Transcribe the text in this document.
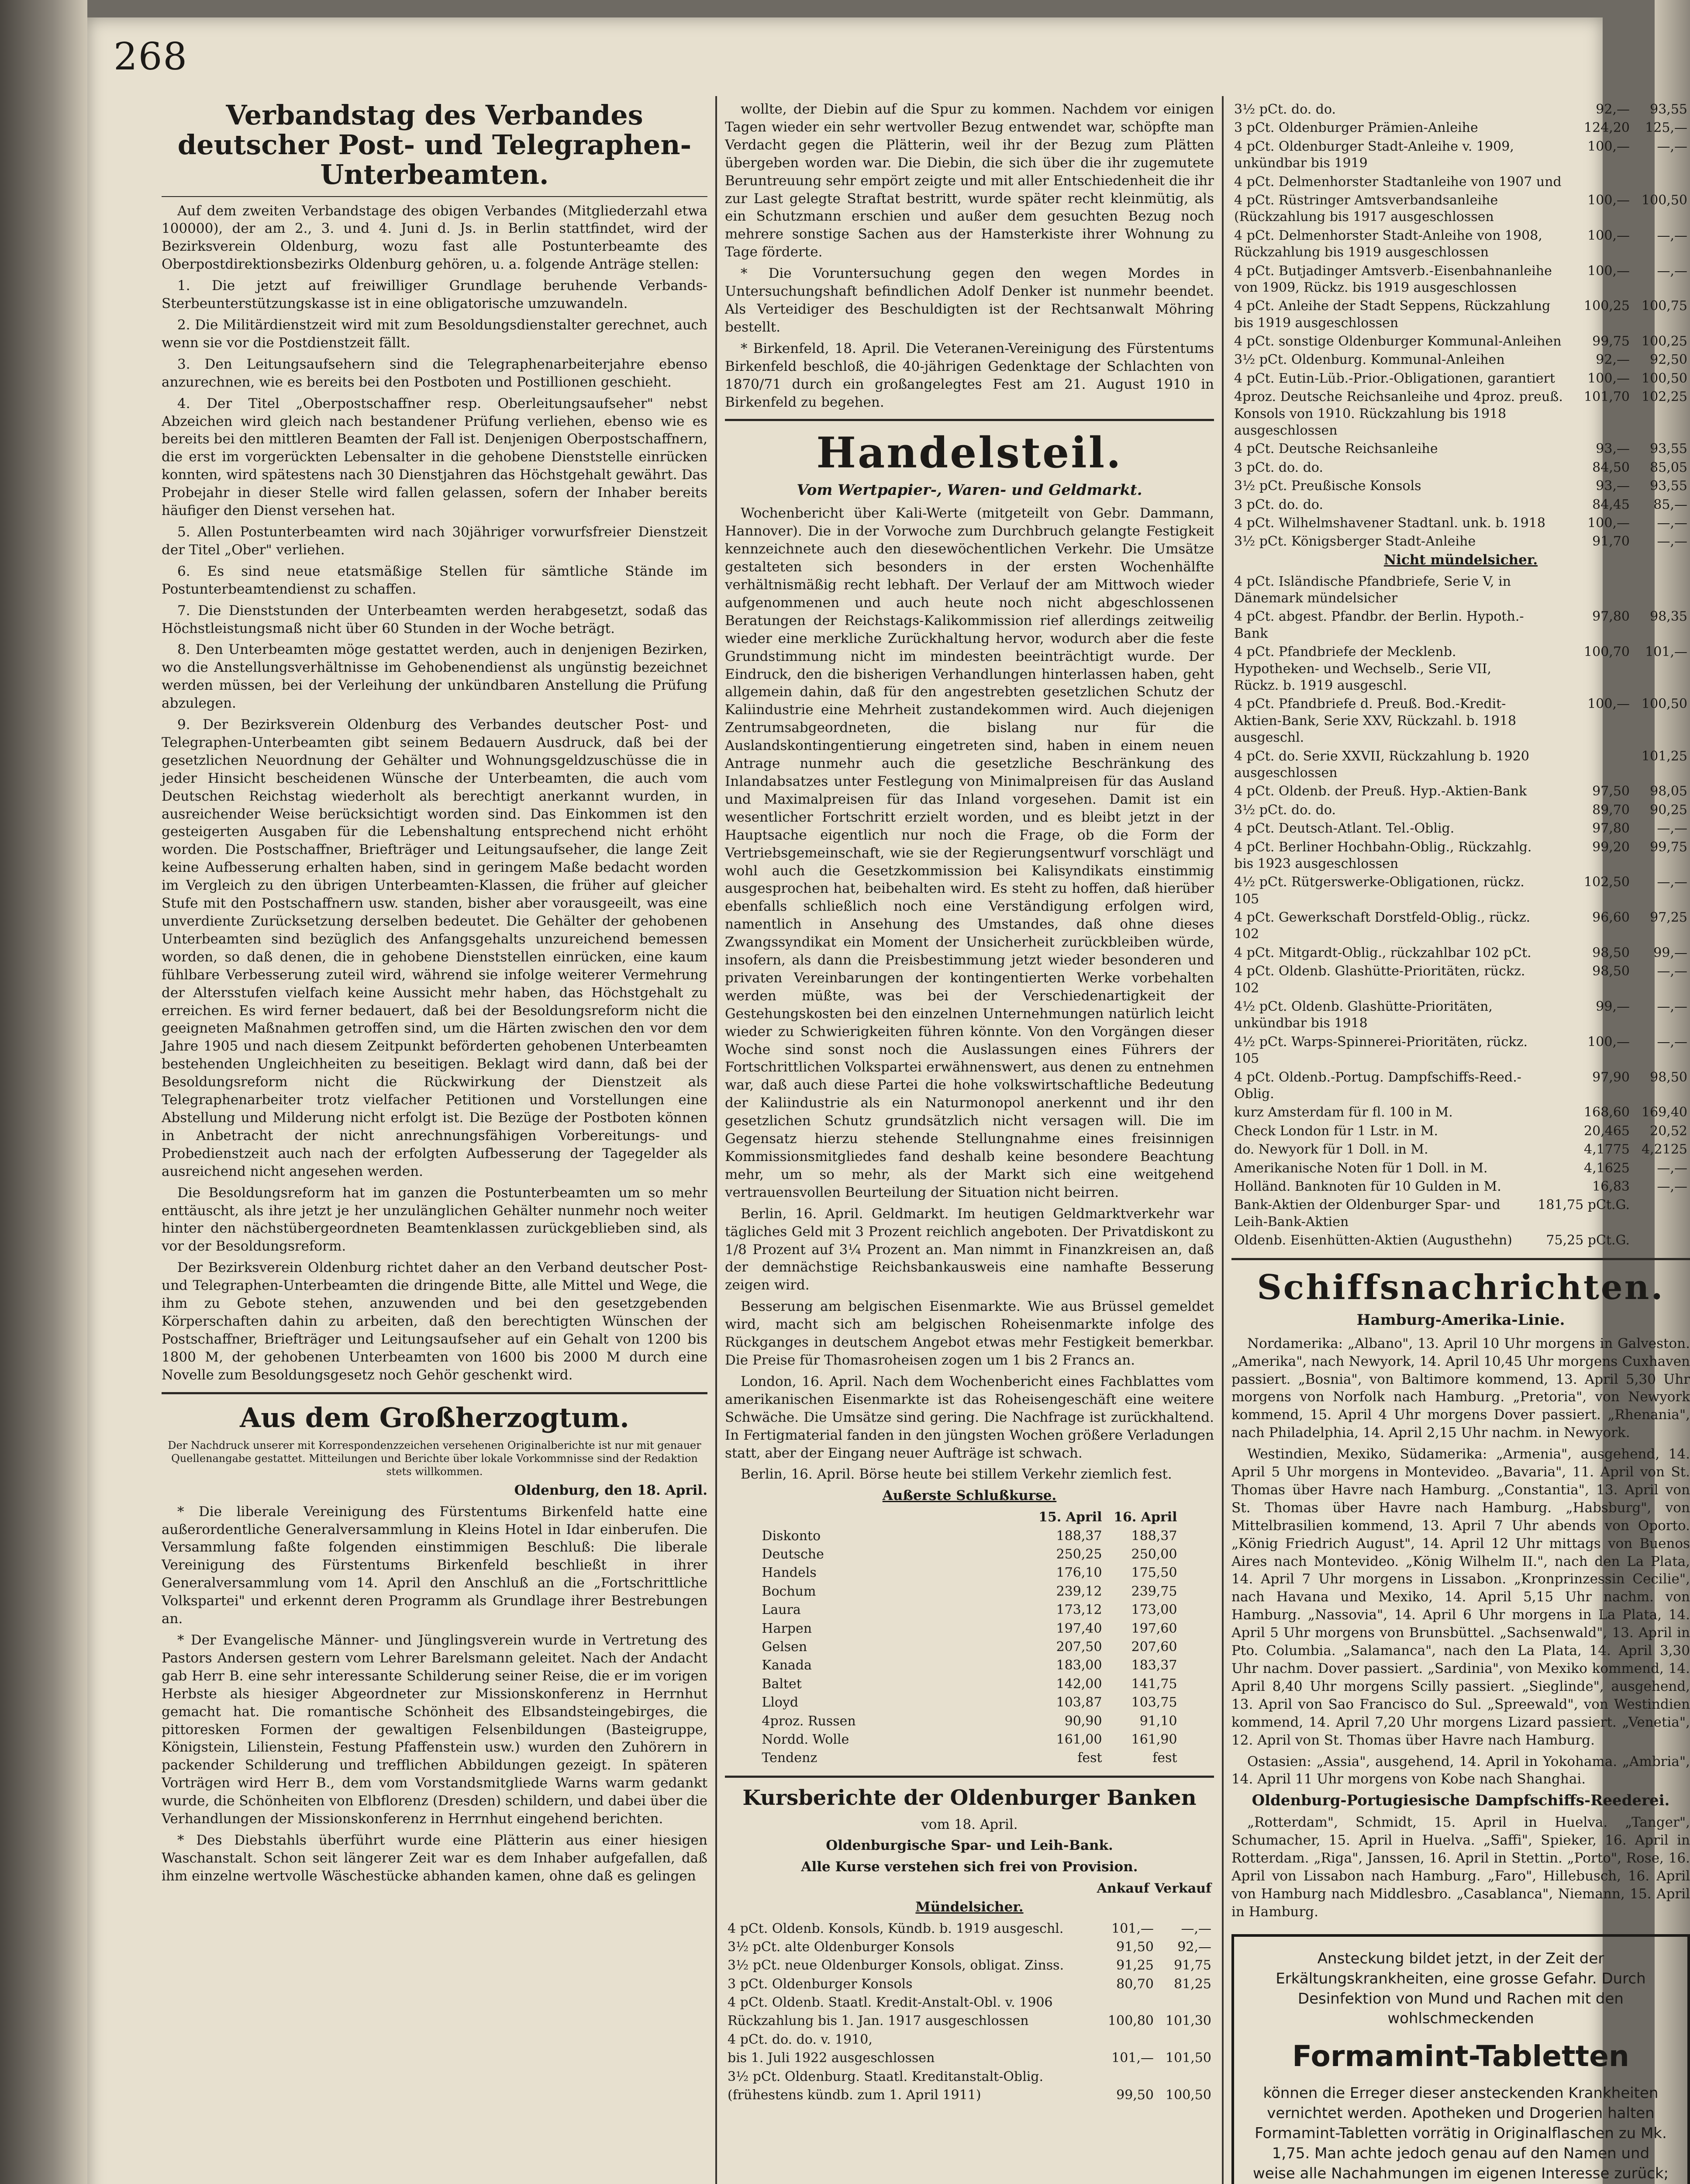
268
Verbandstag des Verbandes deutscher Post- und Telegraphen-Unterbeamten.

Auf dem zweiten Verbandstage des obigen Verbandes (Mitgliederzahl etwa 100000), der am 2., 3. und 4. Juni d. Js. in Berlin stattfindet, wird der Bezirksverein Oldenburg, wozu fast alle Postunterbeamte des Oberpostdirektionsbezirks Oldenburg gehören, u. a. folgende Anträge stellen:

1. Die jetzt auf freiwilliger Grundlage beruhende Verbands-Sterbeunterstützungskasse ist in eine obligatorische umzuwandeln.

2. Die Militärdienstzeit wird mit zum Besoldungsdienstalter gerechnet, auch wenn sie vor die Postdienstzeit fällt.

3. Den Leitungsaufsehern sind die Telegraphenarbeiterjahre ebenso anzurechnen, wie es bereits bei den Postboten und Postillionen geschieht.

4. Der Titel „Oberpostschaffner resp. Oberleitungsaufseher" nebst Abzeichen wird gleich nach bestandener Prüfung verliehen, ebenso wie es bereits bei den mittleren Beamten der Fall ist. Denjenigen Oberpostschaffnern, die erst im vorgerückten Lebensalter in die gehobene Dienststelle einrücken konnten, wird spätestens nach 30 Dienstjahren das Höchstgehalt gewährt. Das Probejahr in dieser Stelle wird fallen gelassen, sofern der Inhaber bereits häufiger den Dienst versehen hat.

5. Allen Postunterbeamten wird nach 30jähriger vorwurfsfreier Dienstzeit der Titel „Ober" verliehen.

6. Es sind neue etatsmäßige Stellen für sämtliche Stände im Postunterbeamtendienst zu schaffen.

7. Die Dienststunden der Unterbeamten werden herabgesetzt, sodaß das Höchstleistungsmaß nicht über 60 Stunden in der Woche beträgt.

8. Den Unterbeamten möge gestattet werden, auch in denjenigen Bezirken, wo die Anstellungsverhältnisse im Gehobenendienst als ungünstig bezeichnet werden müssen, bei der Verleihung der unkündbaren Anstellung die Prüfung abzulegen.

9. Der Bezirksverein Oldenburg des Verbandes deutscher Post- und Telegraphen-Unterbeamten gibt seinem Bedauern Ausdruck, daß bei der gesetzlichen Neuordnung der Gehälter und Wohnungsgeldzuschüsse die in jeder Hinsicht bescheidenen Wünsche der Unterbeamten, die auch vom Deutschen Reichstag wiederholt als berechtigt anerkannt wurden, in ausreichender Weise berücksichtigt worden sind. Das Einkommen ist den gesteigerten Ausgaben für die Lebenshaltung entsprechend nicht erhöht worden. Die Postschaffner, Briefträger und Leitungsaufseher, die lange Zeit keine Aufbesserung erhalten haben, sind in geringem Maße bedacht worden im Vergleich zu den übrigen Unterbeamten-Klassen, die früher auf gleicher Stufe mit den Postschaffnern usw. standen, bisher aber vorausgeeilt, was eine unverdiente Zurücksetzung derselben bedeutet. Die Gehälter der gehobenen Unterbeamten sind bezüglich des Anfangsgehalts unzureichend bemessen worden, so daß denen, die in gehobene Dienststellen einrücken, eine kaum fühlbare Verbesserung zuteil wird, während sie infolge weiterer Vermehrung der Altersstufen vielfach keine Aussicht mehr haben, das Höchstgehalt zu erreichen. Es wird ferner bedauert, daß bei der Besoldungsreform nicht die geeigneten Maßnahmen getroffen sind, um die Härten zwischen den vor dem Jahre 1905 und nach diesem Zeitpunkt beförderten gehobenen Unterbeamten bestehenden Ungleichheiten zu beseitigen. Beklagt wird dann, daß bei der Besoldungsreform nicht die Rückwirkung der Dienstzeit als Telegraphenarbeiter trotz vielfacher Petitionen und Vorstellungen eine Abstellung und Milderung nicht erfolgt ist. Die Bezüge der Postboten können in Anbetracht der nicht anrechnungsfähigen Vorbereitungs- und Probedienstzeit auch nach der erfolgten Aufbesserung der Tagegelder als ausreichend nicht angesehen werden.

Die Besoldungsreform hat im ganzen die Postunterbeamten um so mehr enttäuscht, als ihre jetzt je her unzulänglichen Gehälter nunmehr noch weiter hinter den nächstübergeordneten Beamtenklassen zurückgeblieben sind, als vor der Besoldungsreform.

Der Bezirksverein Oldenburg richtet daher an den Verband deutscher Post- und Telegraphen-Unterbeamten die dringende Bitte, alle Mittel und Wege, die ihm zu Gebote stehen, anzuwenden und bei den gesetzgebenden Körperschaften dahin zu arbeiten, daß den berechtigten Wünschen der Postschaffner, Briefträger und Leitungsaufseher auf ein Gehalt von 1200 bis 1800 M, der gehobenen Unterbeamten von 1600 bis 2000 M durch eine Novelle zum Besoldungsgesetz noch Gehör geschenkt wird.

Aus dem Großherzogtum.

Der Nachdruck unserer mit Korrespondenzzeichen versehenen Originalberichte ist nur mit genauer Quellenangabe gestattet. Mitteilungen und Berichte über lokale Vorkommnisse sind der Redaktion stets willkommen.

Oldenburg, den 18. April.

* Die liberale Vereinigung des Fürstentums Birkenfeld hatte eine außerordentliche Generalversammlung in Kleins Hotel in Idar einberufen. Die Versammlung faßte folgenden einstimmigen Beschluß: Die liberale Vereinigung des Fürstentums Birkenfeld beschließt in ihrer Generalversammlung vom 14. April den Anschluß an die „Fortschrittliche Volkspartei" und erkennt deren Programm als Grundlage ihrer Bestrebungen an.

* Der Evangelische Männer- und Jünglingsverein wurde in Vertretung des Pastors Andersen gestern vom Lehrer Barelsmann geleitet. Nach der Andacht gab Herr B. eine sehr interessante Schilderung seiner Reise, die er im vorigen Herbste als hiesiger Abgeordneter zur Missionskonferenz in Herrnhut gemacht hat. Die romantische Schönheit des Elbsandsteingebirges, die pittoresken Formen der gewaltigen Felsenbildungen (Basteigruppe, Königstein, Lilienstein, Festung Pfaffenstein usw.) wurden den Zuhörern in packender Schilderung und trefflichen Abbildungen gezeigt. In späteren Vorträgen wird Herr B., dem vom Vorstandsmitgliede Warns warm gedankt wurde, die Schönheiten von Elbflorenz (Dresden) schildern, und dabei über die Verhandlungen der Missionskonferenz in Herrnhut eingehend berichten.

* Des Diebstahls überführt wurde eine Plätterin aus einer hiesigen Waschanstalt. Schon seit längerer Zeit war es dem Inhaber aufgefallen, daß ihm einzelne wertvolle Wäschestücke abhanden kamen, ohne daß es gelingen

wollte, der Diebin auf die Spur zu kommen. Nachdem vor einigen Tagen wieder ein sehr wertvoller Bezug entwendet war, schöpfte man Verdacht gegen die Plätterin, weil ihr der Bezug zum Plätten übergeben worden war. Die Diebin, die sich über die ihr zugemutete Beruntreuung sehr empört zeigte und mit aller Entschiedenheit die ihr zur Last gelegte Straftat bestritt, wurde später recht kleinmütig, als ein Schutzmann erschien und außer dem gesuchten Bezug noch mehrere sonstige Sachen aus der Hamsterkiste ihrer Wohnung zu Tage förderte.

* Die Voruntersuchung gegen den wegen Mordes in Untersuchungshaft befindlichen Adolf Denker ist nunmehr beendet. Als Verteidiger des Beschuldigten ist der Rechtsanwalt Möhring bestellt.

* Birkenfeld, 18. April. Die Veteranen-Vereinigung des Fürstentums Birkenfeld beschloß, die 40-jährigen Gedenktage der Schlachten von 1870/71 durch ein großangelegtes Fest am 21. August 1910 in Birkenfeld zu begehen.

Handelsteil.
Vom Wertpapier-, Waren- und Geldmarkt.

Wochenbericht über Kali-Werte (mitgeteilt von Gebr. Dammann, Hannover). Die in der Vorwoche zum Durchbruch gelangte Festigkeit kennzeichnete auch den diesewöchentlichen Verkehr. Die Umsätze gestalteten sich besonders in der ersten Wochenhälfte verhältnismäßig recht lebhaft. Der Verlauf der am Mittwoch wieder aufgenommenen und auch heute noch nicht abgeschlossenen Beratungen der Reichstags-Kalikommission rief allerdings zeitweilig wieder eine merkliche Zurückhaltung hervor, wodurch aber die feste Grundstimmung nicht im mindesten beeinträchtigt wurde. Der Eindruck, den die bisherigen Verhandlungen hinterlassen haben, geht allgemein dahin, daß für den angestrebten gesetzlichen Schutz der Kaliindustrie eine Mehrheit zustandekommen wird. Auch diejenigen Zentrumsabgeordneten, die bislang nur für die Auslandskontingentierung eingetreten sind, haben in einem neuen Antrage nunmehr auch die gesetzliche Beschränkung des Inlandabsatzes unter Festlegung von Minimalpreisen für das Ausland und Maximalpreisen für das Inland vorgesehen. Damit ist ein wesentlicher Fortschritt erzielt worden, und es bleibt jetzt in der Hauptsache eigentlich nur noch die Frage, ob die Form der Vertriebsgemeinschaft, wie sie der Regierungsentwurf vorschlägt und wohl auch die Gesetzkommission bei Kalisyndikats einstimmig ausgesprochen hat, beibehalten wird. Es steht zu hoffen, daß hierüber ebenfalls schließlich noch eine Verständigung erfolgen wird, namentlich in Ansehung des Umstandes, daß ohne dieses Zwangssyndikat ein Moment der Unsicherheit zurückbleiben würde, insofern, als dann die Preisbestimmung jetzt wieder besonderen und privaten Vereinbarungen der kontingentierten Werke vorbehalten werden müßte, was bei der Verschiedenartigkeit der Gestehungskosten bei den einzelnen Unternehmungen natürlich leicht wieder zu Schwierigkeiten führen könnte. Von den Vorgängen dieser Woche sind sonst noch die Auslassungen eines Führers der Fortschrittlichen Volkspartei erwähnenswert, aus denen zu entnehmen war, daß auch diese Partei die hohe volkswirtschaftliche Bedeutung der Kaliindustrie als ein Naturmonopol anerkennt und ihr den gesetzlichen Schutz grundsätzlich nicht versagen will. Die im Gegensatz hierzu stehende Stellungnahme eines freisinnigen Kommissionsmitgliedes fand deshalb keine besondere Beachtung mehr, um so mehr, als der Markt sich eine weitgehend vertrauensvollen Beurteilung der Situation nicht beirren.

Berlin, 16. April. Geldmarkt. Im heutigen Geldmarktverkehr war tägliches Geld mit 3 Prozent reichlich angeboten. Der Privatdiskont zu 1/8 Prozent auf 3¼ Prozent an. Man nimmt in Finanzkreisen an, daß der demnächstige Reichsbankausweis eine namhafte Besserung zeigen wird.

Besserung am belgischen Eisenmarkte. Wie aus Brüssel gemeldet wird, macht sich am belgischen Roheisenmarkte infolge des Rückganges in deutschem Angebot etwas mehr Festigkeit bemerkbar. Die Preise für Thomasroheisen zogen um 1 bis 2 Francs an.

London, 16. April. Nach dem Wochenbericht eines Fachblattes vom amerikanischen Eisenmarkte ist das Roheisengeschäft eine weitere Schwäche. Die Umsätze sind gering. Die Nachfrage ist zurückhaltend. In Fertigmaterial fanden in den jüngsten Wochen größere Verladungen statt, aber der Eingang neuer Aufträge ist schwach.

Berlin, 16. April. Börse heute bei stillem Verkehr ziemlich fest.

Außerste Schlußkurse.

	15. April	16. April
Diskonto	188,37	188,37
Deutsche	250,25	250,00
Handels	176,10	175,50
Bochum	239,12	239,75
Laura	173,12	173,00
Harpen	197,40	197,60
Gelsen	207,50	207,60
Kanada	183,00	183,37
Baltet	142,00	141,75
Lloyd	103,87	103,75
4proz. Russen	90,90	91,10
Nordd. Wolle	161,00	161,90
Tendenz	fest	fest
Kursberichte der Oldenburger Banken

vom 18. April.

Oldenburgische Spar- und Leih-Bank.

Alle Kurse verstehen sich frei von Provision.

	Ankauf	Verkauf

Mündelsicher.

4 pCt. Oldenb. Konsols, Kündb. b. 1919 ausgeschl.	101,—	—,—
3½ pCt. alte Oldenburger Konsols	91,50	92,—
3½ pCt. neue Oldenburger Konsols, obligat. Zinss.	91,25	91,75
3 pCt. Oldenburger Konsols	80,70	81,25
4 pCt. Oldenb. Staatl. Kredit-Anstalt-Obl. v. 1906		
Rückzahlung bis 1. Jan. 1917 ausgeschlossen	100,80	101,30
4 pCt. do. do. v. 1910,		
bis 1. Juli 1922 ausgeschlossen	101,—	101,50
3½ pCt. Oldenburg. Staatl. Kreditanstalt-Oblig.		
(frühestens kündb. zum 1. April 1911)	99,50	100,50
3½ pCt. do. do.	92,—	93,55
3 pCt. Oldenburger Prämien-Anleihe	124,20	125,—
4 pCt. Oldenburger Stadt-Anleihe v. 1909, unkündbar bis 1919	100,—	—,—
4 pCt. Delmenhorster Stadtanleihe von 1907 und		
4 pCt. Rüstringer Amtsverbandsanleihe (Rückzahlung bis 1917 ausgeschlossen	100,—	100,50
4 pCt. Delmenhorster Stadt-Anleihe von 1908, Rückzahlung bis 1919 ausgeschlossen	100,—	—,—
4 pCt. Butjadinger Amtsverb.-Eisenbahnanleihe von 1909, Rückz. bis 1919 ausgeschlossen	100,—	—,—
4 pCt. Anleihe der Stadt Seppens, Rückzahlung bis 1919 ausgeschlossen	100,25	100,75
4 pCt. sonstige Oldenburger Kommunal-Anleihen	99,75	100,25
3½ pCt. Oldenburg. Kommunal-Anleihen	92,—	92,50
4 pCt. Eutin-Lüb.-Prior.-Obligationen, garantiert	100,—	100,50
4proz. Deutsche Reichsanleihe und 4proz. preuß. Konsols von 1910. Rückzahlung bis 1918 ausgeschlossen	101,70	102,25
4 pCt. Deutsche Reichsanleihe	93,—	93,55
3 pCt. do. do.	84,50	85,05
3½ pCt. Preußische Konsols	93,—	93,55
3 pCt. do. do.	84,45	85,—
4 pCt. Wilhelmshavener Stadtanl. unk. b. 1918	100,—	—,—
3½ pCt. Königsberger Stadt-Anleihe	91,70	—,—

Nicht mündelsicher.

4 pCt. Isländische Pfandbriefe, Serie V, in Dänemark mündelsicher		
4 pCt. abgest. Pfandbr. der Berlin. Hypoth.-Bank	97,80	98,35
4 pCt. Pfandbriefe der Mecklenb. Hypotheken- und Wechselb., Serie VII, Rückz. b. 1919 ausgeschl.	100,70	101,—
4 pCt. Pfandbriefe d. Preuß. Bod.-Kredit-Aktien-Bank, Serie XXV, Rückzahl. b. 1918 ausgeschl.	100,—	100,50
4 pCt. do. Serie XXVII, Rückzahlung b. 1920 ausgeschlossen		101,25
4 pCt. Oldenb. der Preuß. Hyp.-Aktien-Bank	97,50	98,05
3½ pCt. do. do.	89,70	90,25
4 pCt. Deutsch-Atlant. Tel.-Oblig.	97,80	—,—
4 pCt. Berliner Hochbahn-Oblig., Rückzahlg. bis 1923 ausgeschlossen	99,20	99,75
4½ pCt. Rütgerswerke-Obligationen, rückz. 105	102,50	—,—
4 pCt. Gewerkschaft Dorstfeld-Oblig., rückz. 102	96,60	97,25
4 pCt. Mitgardt-Oblig., rückzahlbar 102 pCt.	98,50	99,—
4 pCt. Oldenb. Glashütte-Prioritäten, rückz. 102	98,50	—,—
4½ pCt. Oldenb. Glashütte-Prioritäten, unkündbar bis 1918	99,—	—,—
4½ pCt. Warps-Spinnerei-Prioritäten, rückz. 105	100,—	—,—
4 pCt. Oldenb.-Portug. Dampfschiffs-Reed.-Oblig.	97,90	98,50
kurz Amsterdam für fl. 100 in M.	168,60	169,40
Check London für 1 Lstr. in M.	20,465	20,52
do. Newyork für 1 Doll. in M.	4,1775	4,2125
Amerikanische Noten für 1 Doll. in M.	4,1625	—,—
Holländ. Banknoten für 10 Gulden in M.	16,83	—,—
Bank-Aktien der Oldenburger Spar- und Leih-Bank-Aktien	181,75 pCt.G.	
Oldenb. Eisenhütten-Aktien (Augusthehn)	75,25 pCt.G.	
Schiffsnachrichten.
Hamburg-Amerika-Linie.

Nordamerika: „Albano", 13. April 10 Uhr morgens in Galveston. „Amerika", nach Newyork, 14. April 10,45 Uhr morgens Cuxhaven passiert. „Bosnia", von Baltimore kommend, 13. April 5,30 Uhr morgens von Norfolk nach Hamburg. „Pretoria", von Newyork kommend, 15. April 4 Uhr morgens Dover passiert. „Rhenania", nach Philadelphia, 14. April 2,15 Uhr nachm. in Newyork.

Westindien, Mexiko, Südamerika: „Armenia", ausgehend, 14. April 5 Uhr morgens in Montevideo. „Bavaria", 11. April von St. Thomas über Havre nach Hamburg. „Constantia", 13. April von St. Thomas über Havre nach Hamburg. „Habsburg", von Mittelbrasilien kommend, 13. April 7 Uhr abends von Oporto. „König Friedrich August", 14. April 12 Uhr mittags von Buenos Aires nach Montevideo. „König Wilhelm II.", nach den La Plata, 14. April 7 Uhr morgens in Lissabon. „Kronprinzessin Cecilie", nach Havana und Mexiko, 14. April 5,15 Uhr nachm. von Hamburg. „Nassovia", 14. April 6 Uhr morgens in La Plata, 14. April 5 Uhr morgens von Brunsbüttel. „Sachsenwald", 13. April in Pto. Columbia. „Salamanca", nach den La Plata, 14. April 3,30 Uhr nachm. Dover passiert. „Sardinia", von Mexiko kommend, 14. April 8,40 Uhr morgens Scilly passiert. „Sieglinde", ausgehend, 13. April von Sao Francisco do Sul. „Spreewald", von Westindien kommend, 14. April 7,20 Uhr morgens Lizard passiert. „Venetia", 12. April von St. Thomas über Havre nach Hamburg.

Ostasien: „Assia", ausgehend, 14. April in Yokohama. „Ambria", 14. April 11 Uhr morgens von Kobe nach Shanghai.

Oldenburg-Portugiesische Dampfschiffs-Reederei.

„Rotterdam", Schmidt, 15. April in Huelva. „Tanger", Schumacher, 15. April in Huelva. „Saffi", Spieker, 16. April in Rotterdam. „Riga", Janssen, 16. April in Stettin. „Porto", Rose, 16. April von Lissabon nach Hamburg. „Faro", Hillebusch, 16. April von Hamburg nach Middlesbro. „Casablanca", Niemann, 15. April in Hamburg.

Ansteckung bildet jetzt, in der Zeit der Erkältungskrankheiten, eine grosse Gefahr. Durch Desinfektion von Mund und Rachen mit den wohlschmeckenden
Formamint-Tabletten
können die Erreger dieser ansteckenden Krankheiten vernichtet werden. Apotheken und Drogerien halten Formamint-Tabletten vorrätig in Originalflaschen zu Mk. 1,75. Man achte jedoch genau auf den Namen und weise alle Nachahmungen im eigenen Interesse zurück;
